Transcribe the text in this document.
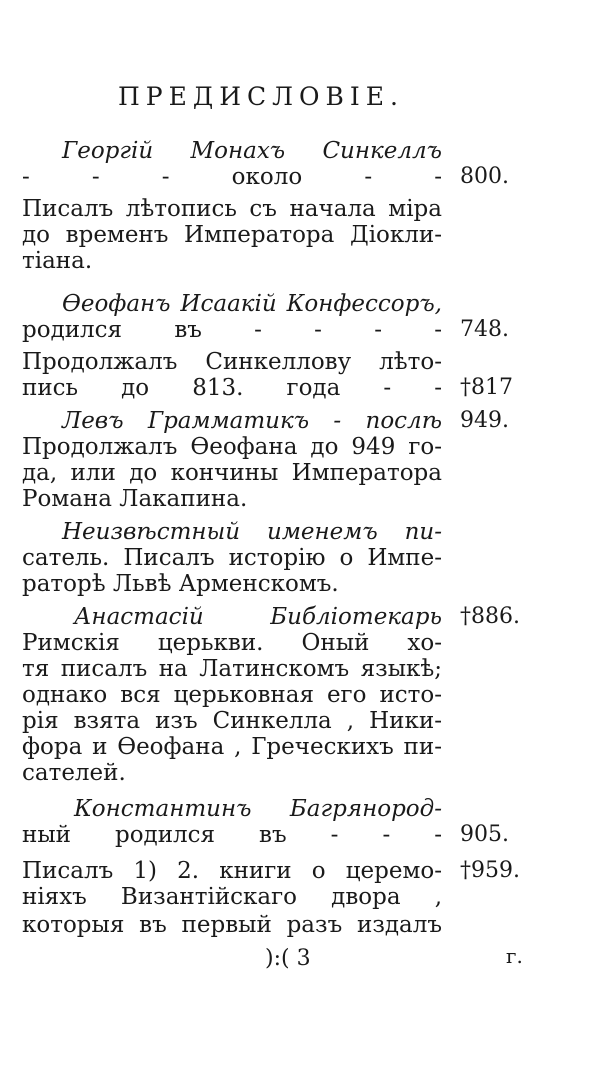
ПРЕДИСЛОВІЕ.
Георгій Монахъ Синкеллъ
- - - около - -
Писалъ лѣтопись съ начала міра
до временъ Императора Діокли-
тіана.
Ѳеофанъ Исаакій Конфессоръ,
родился въ - - - -
Продолжалъ Синкеллову лѣто-
пись до 813. года - -
Левъ Грамматикъ - послѣ
Продолжалъ Ѳеофана до 949 го-
да, или до кончины Императора
Романа Лакапина.
Неизвѣстный именемъ пи-
сатель. Писалъ исторію о Импе-
раторѣ Львѣ Арменскомъ.
Анастасій Библіотекарь
Римскія церькви. Оный хо-
тя писалъ на Латинскомъ языкѣ;
однако вся церьковная его исто-
рія взята изъ Синкелла , Ники-
фора и Ѳеофана , Греческихъ пи-
сателей.
Константинъ Багрянород-
ный родился въ - - -
Писалъ 1) 2. книги о церемо-
ніяхъ Византійскаго двора ,
которыя въ первый разъ издалъ
800.
748.
†817
949.
†886.
905.
†959.
):( 3	г.
